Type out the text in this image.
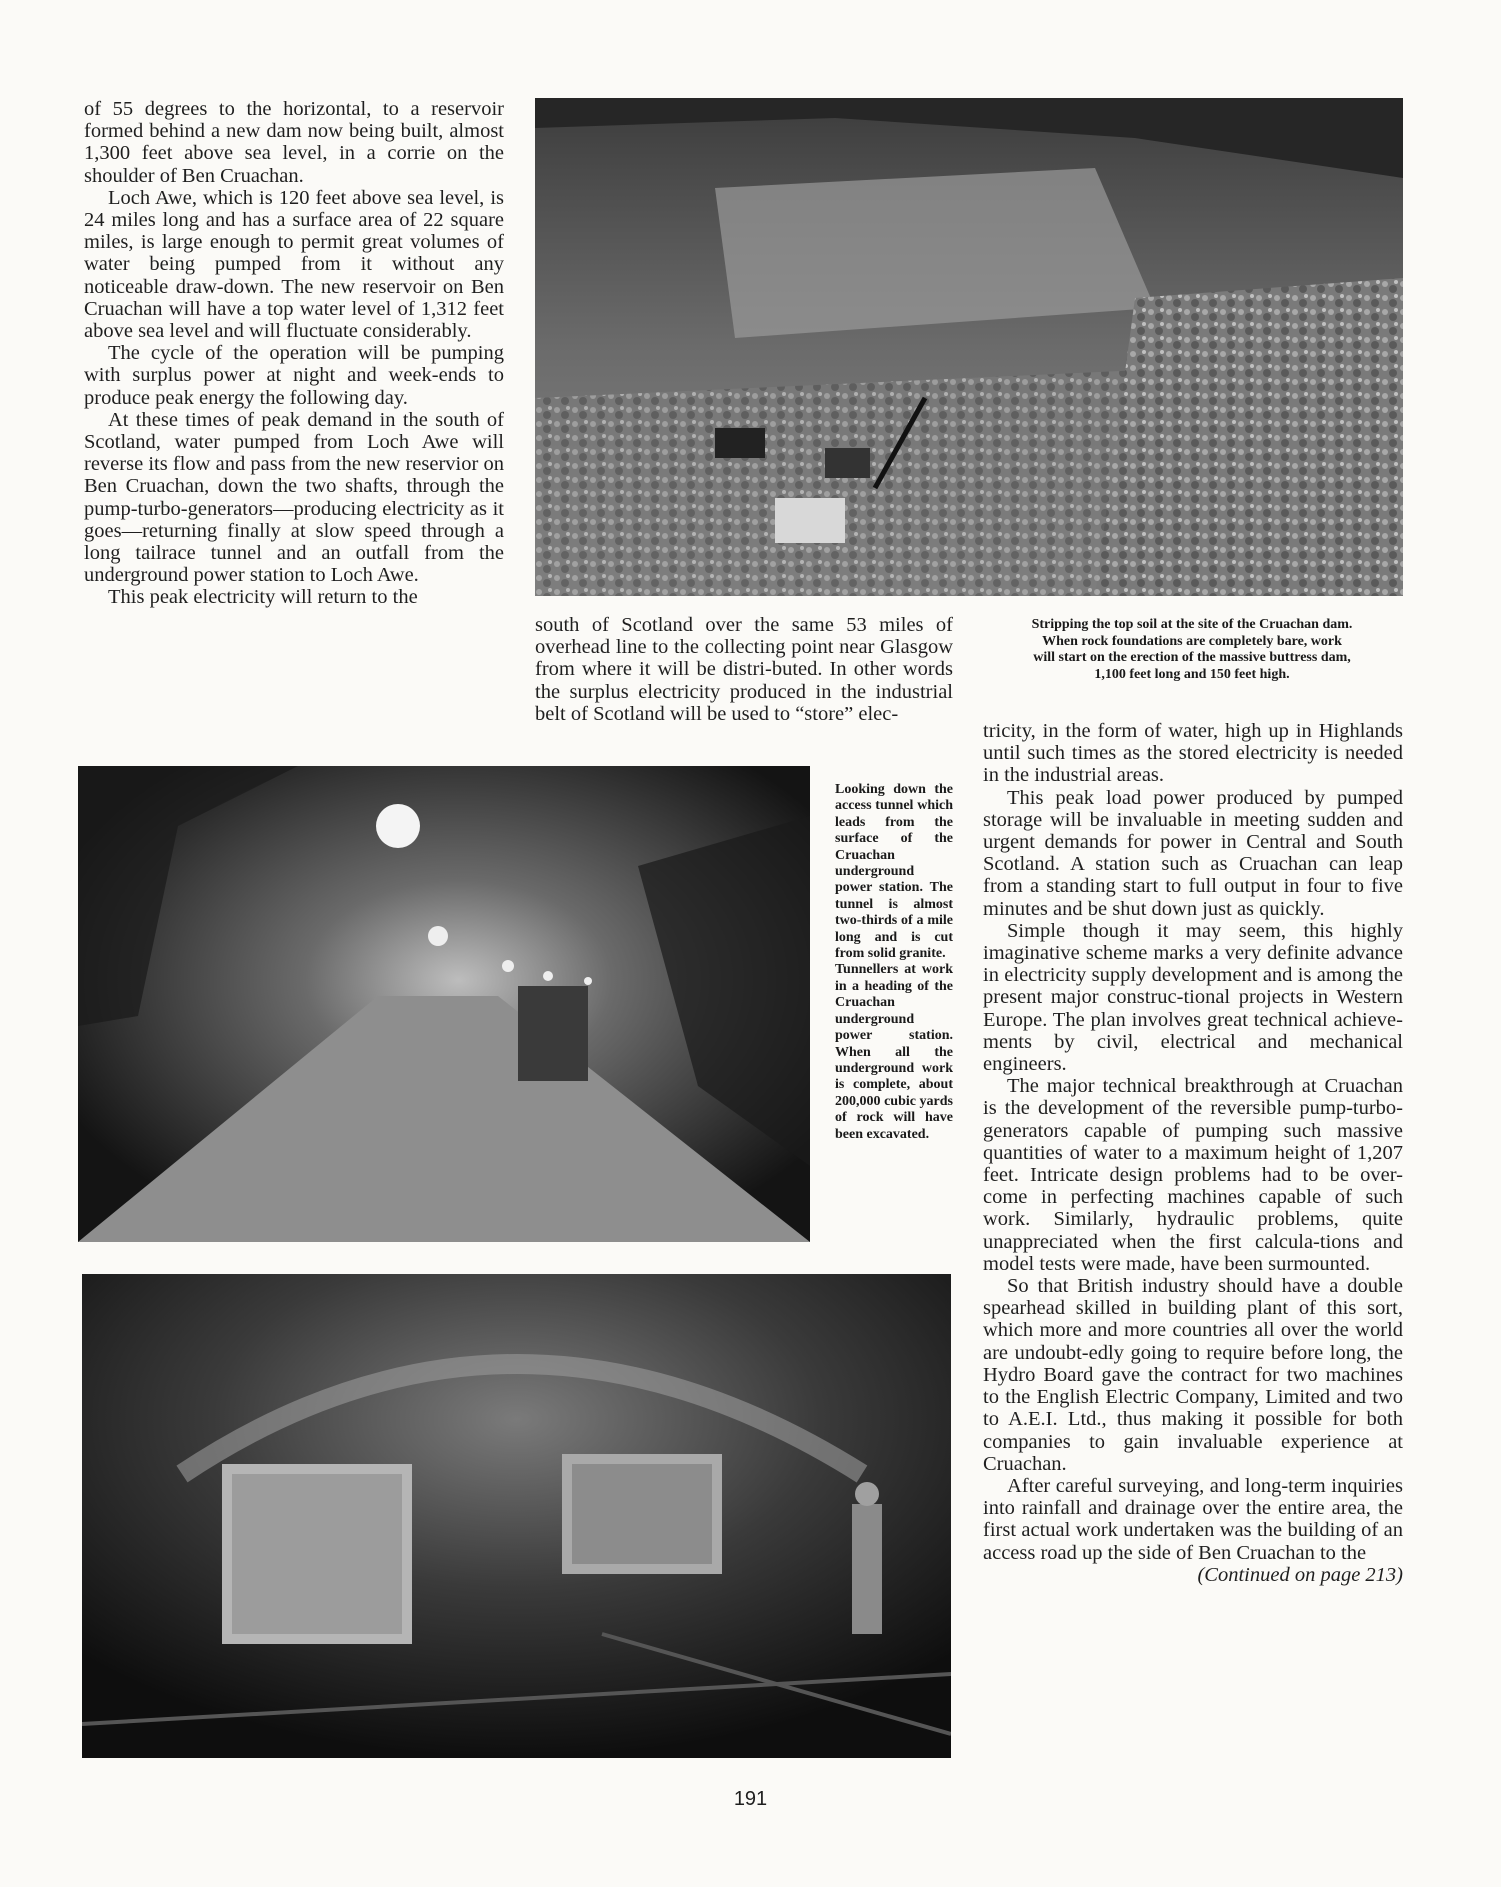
of 55 degrees to the horizontal, to a reservoir formed behind a new dam now being built, almost 1,300 feet above sea level, in a corrie on the shoulder of Ben Cruachan.

Loch Awe, which is 120 feet above sea level, is 24 miles long and has a surface area of 22 square miles, is large enough to permit great volumes of water being pumped from it without any noticeable draw-down. The new reservoir on Ben Cruachan will have a top water level of 1,312 feet above sea level and will fluctuate considerably.

The cycle of the operation will be pumping with surplus power at night and week-ends to produce peak energy the following day.

At these times of peak demand in the south of Scotland, water pumped from Loch Awe will reverse its flow and pass from the new reservior on Ben Cruachan, down the two shafts, through the pump-turbo-generators—producing electricity as it goes—returning finally at slow speed through a long tailrace tunnel and an outfall from the underground power station to Loch Awe.

This peak electricity will return to the

south of Scotland over the same 53 miles of overhead line to the collecting point near Glasgow from where it will be distri-buted. In other words the surplus electricity produced in the industrial belt of Scotland will be used to “store” elec-

Stripping the top soil at the site of the Cruachan dam.
When rock foundations are completely bare, work
will start on the erection of the massive buttress dam,
1,100 feet long and 150 feet high.
Looking down the access tunnel which leads from the surface of the Cruachan underground power station. The tunnel is almost two-thirds of a mile long and is cut from solid granite.
Tunnellers at work in a heading of the Cruachan underground power station. When all the underground work is complete, about 200,000 cubic yards of rock will have been excavated.

tricity, in the form of water, high up in Highlands until such times as the stored electricity is needed in the industrial areas.

This peak load power produced by pumped storage will be invaluable in meeting sudden and urgent demands for power in Central and South Scotland. A station such as Cruachan can leap from a standing start to full output in four to five minutes and be shut down just as quickly.

Simple though it may seem, this highly imaginative scheme marks a very definite advance in electricity supply development and is among the present major construc-tional projects in Western Europe. The plan involves great technical achieve-ments by civil, electrical and mechanical engineers.

The major technical breakthrough at Cruachan is the development of the reversible pump-turbo-generators capable of pumping such massive quantities of water to a maximum height of 1,207 feet. Intricate design problems had to be over-come in perfecting machines capable of such work. Similarly, hydraulic problems, quite unappreciated when the first calcula-tions and model tests were made, have been surmounted.

So that British industry should have a double spearhead skilled in building plant of this sort, which more and more countries all over the world are undoubt-edly going to require before long, the Hydro Board gave the contract for two machines to the English Electric Company, Limited and two to A.E.I. Ltd., thus making it possible for both companies to gain invaluable experience at Cruachan.

After careful surveying, and long-term inquiries into rainfall and drainage over the entire area, the first actual work undertaken was the building of an access road up the side of Ben Cruachan to the

(Continued on page 213)
191
